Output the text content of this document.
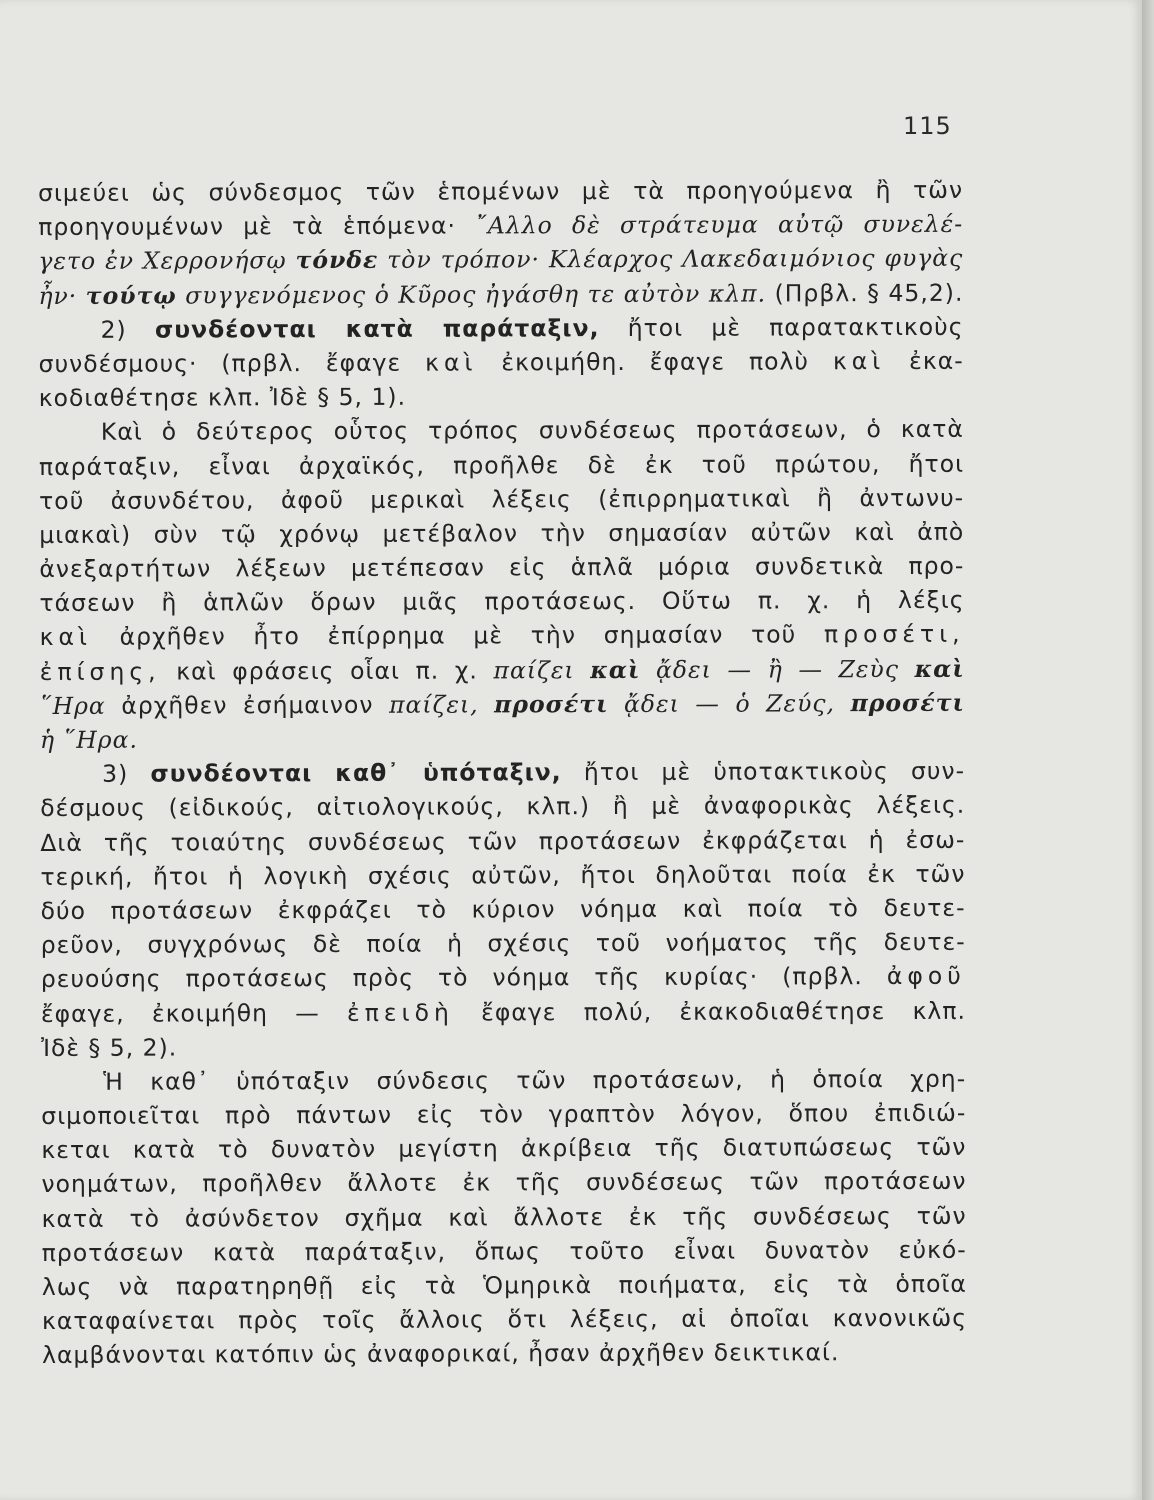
115
σιμεύει ὡς σύνδεσμος τῶν ἑπομένων μὲ τὰ προηγούμενα ἢ τῶν
προηγουμένων μὲ τὰ ἑπόμενα· ῎Αλλο δὲ στράτευμα αὐτῷ συνελέ-
γετο ἐν Χερρονήσῳ τόνδε τὸν τρόπον· Κλέαρχος Λακεδαιμόνιος φυγὰς
ἦν· τούτῳ συγγενόμενος ὁ Κῦρος ἠγάσθη τε αὐτὸν κλπ. (Πρβλ. § 45,2).
2) συνδέονται κατὰ παράταξιν, ἤτοι μὲ παρατακτικοὺς
συνδέσμους· (πρβλ. ἔφαγε καὶ ἐκοιμήθη. ἔφαγε πολὺ καὶ ἐκα-
κοδιαθέτησε κλπ. Ἰδὲ § 5, 1).
Καὶ ὁ δεύτερος οὗτος τρόπος συνδέσεως προτάσεων, ὁ κατὰ
παράταξιν, εἶναι ἀρχαϊκός, προῆλθε δὲ ἐκ τοῦ πρώτου, ἤτοι
τοῦ ἀσυνδέτου, ἀφοῦ μερικαὶ λέξεις (ἐπιρρηματικαὶ ἢ ἀντωνυ-
μιακαὶ) σὺν τῷ χρόνῳ μετέβαλον τὴν σημασίαν αὐτῶν καὶ ἀπὸ
ἀνεξαρτήτων λέξεων μετέπεσαν εἰς ἁπλᾶ μόρια συνδετικὰ προ-
τάσεων ἢ ἁπλῶν ὅρων μιᾶς προτάσεως. Οὕτω π. χ. ἡ λέξις
καὶ ἀρχῆθεν ἦτο ἐπίρρημα μὲ τὴν σημασίαν τοῦ προσέτι,
ἐπίσης, καὶ φράσεις οἷαι π. χ. παίζει καὶ ᾄδει — ἢ — Ζεὺς καὶ
῞Ηρα ἀρχῆθεν ἐσήμαινον παίζει, προσέτι ᾄδει — ὁ Ζεύς, προσέτι
ἡ ῞Ηρα.
3) συνδέονται καθ᾽ ὑπόταξιν, ἤτοι μὲ ὑποτακτικοὺς συν-
δέσμους (εἰδικούς, αἰτιολογικούς, κλπ.) ἢ μὲ ἀναφορικὰς λέξεις.
Διὰ τῆς τοιαύτης συνδέσεως τῶν προτάσεων ἐκφράζεται ἡ ἐσω-
τερική, ἤτοι ἡ λογικὴ σχέσις αὐτῶν, ἤτοι δηλοῦται ποία ἐκ τῶν
δύο προτάσεων ἐκφράζει τὸ κύριον νόημα καὶ ποία τὸ δευτε-
ρεῦον, συγχρόνως δὲ ποία ἡ σχέσις τοῦ νοήματος τῆς δευτε-
ρευούσης προτάσεως πρὸς τὸ νόημα τῆς κυρίας· (πρβλ. ἀφοῦ
ἔφαγε, ἐκοιμήθη — ἐπειδὴ ἔφαγε πολύ, ἐκακοδιαθέτησε κλπ.
Ἰδὲ § 5, 2).
Ἡ καθ᾽ ὑπόταξιν σύνδεσις τῶν προτάσεων, ἡ ὁποία χρη-
σιμοποιεῖται πρὸ πάντων εἰς τὸν γραπτὸν λόγον, ὅπου ἐπιδιώ-
κεται κατὰ τὸ δυνατὸν μεγίστη ἀκρίβεια τῆς διατυπώσεως τῶν
νοημάτων, προῆλθεν ἄλλοτε ἐκ τῆς συνδέσεως τῶν προτάσεων
κατὰ τὸ ἀσύνδετον σχῆμα καὶ ἄλλοτε ἐκ τῆς συνδέσεως τῶν
προτάσεων κατὰ παράταξιν, ὅπως τοῦτο εἶναι δυνατὸν εὐκό-
λως νὰ παρατηρηθῇ εἰς τὰ Ὁμηρικὰ ποιήματα, εἰς τὰ ὁποῖα
καταφαίνεται πρὸς τοῖς ἄλλοις ὅτι λέξεις, αἱ ὁποῖαι κανονικῶς
λαμβάνονται κατόπιν ὡς ἀναφορικαί, ἦσαν ἀρχῆθεν δεικτικαί.
